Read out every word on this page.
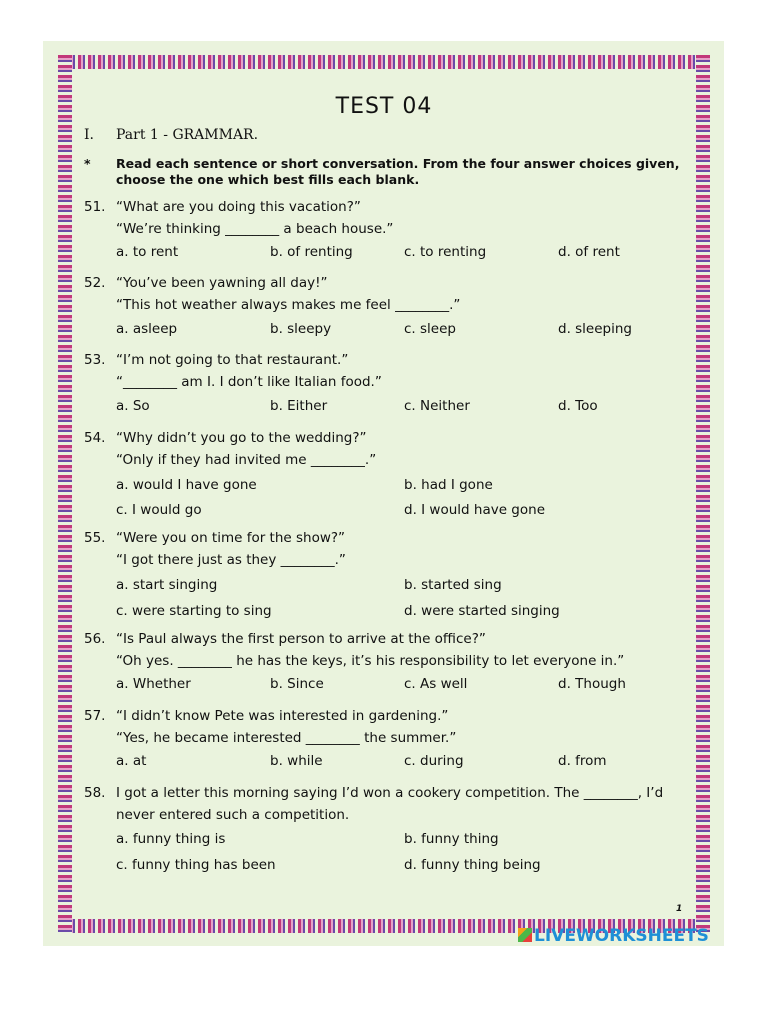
TEST 04
I. Part 1 - GRAMMAR.
* Read each sentence or short conversation. From the four answer choices given, choose the one which best fills each blank.
51. “What are you doing this vacation?”
“We’re thinking ________ a beach house.”
a. to rent	b. of renting	c. to renting	d. of rent
52. “You’ve been yawning all day!”
“This hot weather always makes me feel ________.”
a. asleep	b. sleepy	c. sleep	d. sleeping
53. “I’m not going to that restaurant.”
“________ am I. I don’t like Italian food.”
a. So	b. Either	c. Neither	d. Too
54. “Why didn’t you go to the wedding?”
“Only if they had invited me ________.”
a. would I have gone	b. had I gone
c. I would go	d. I would have gone
55. “Were you on time for the show?”
“I got there just as they ________.”
a. start singing	b. started sing
c. were starting to sing	d. were started singing
56. “Is Paul always the first person to arrive at the office?”
“Oh yes. ________ he has the keys, it’s his responsibility to let everyone in.”
a. Whether	b. Since	c. As well	d. Though
57. “I didn’t know Pete was interested in gardening.”
“Yes, he became interested ________ the summer.”
a. at	b. while	c. during	d. from
58. I got a letter this morning saying I’d won a cookery competition. The ________, I’d
never entered such a competition.
a. funny thing is	b. funny thing
c. funny thing has been	d. funny thing being
1
LIVEWORKSHEETS
